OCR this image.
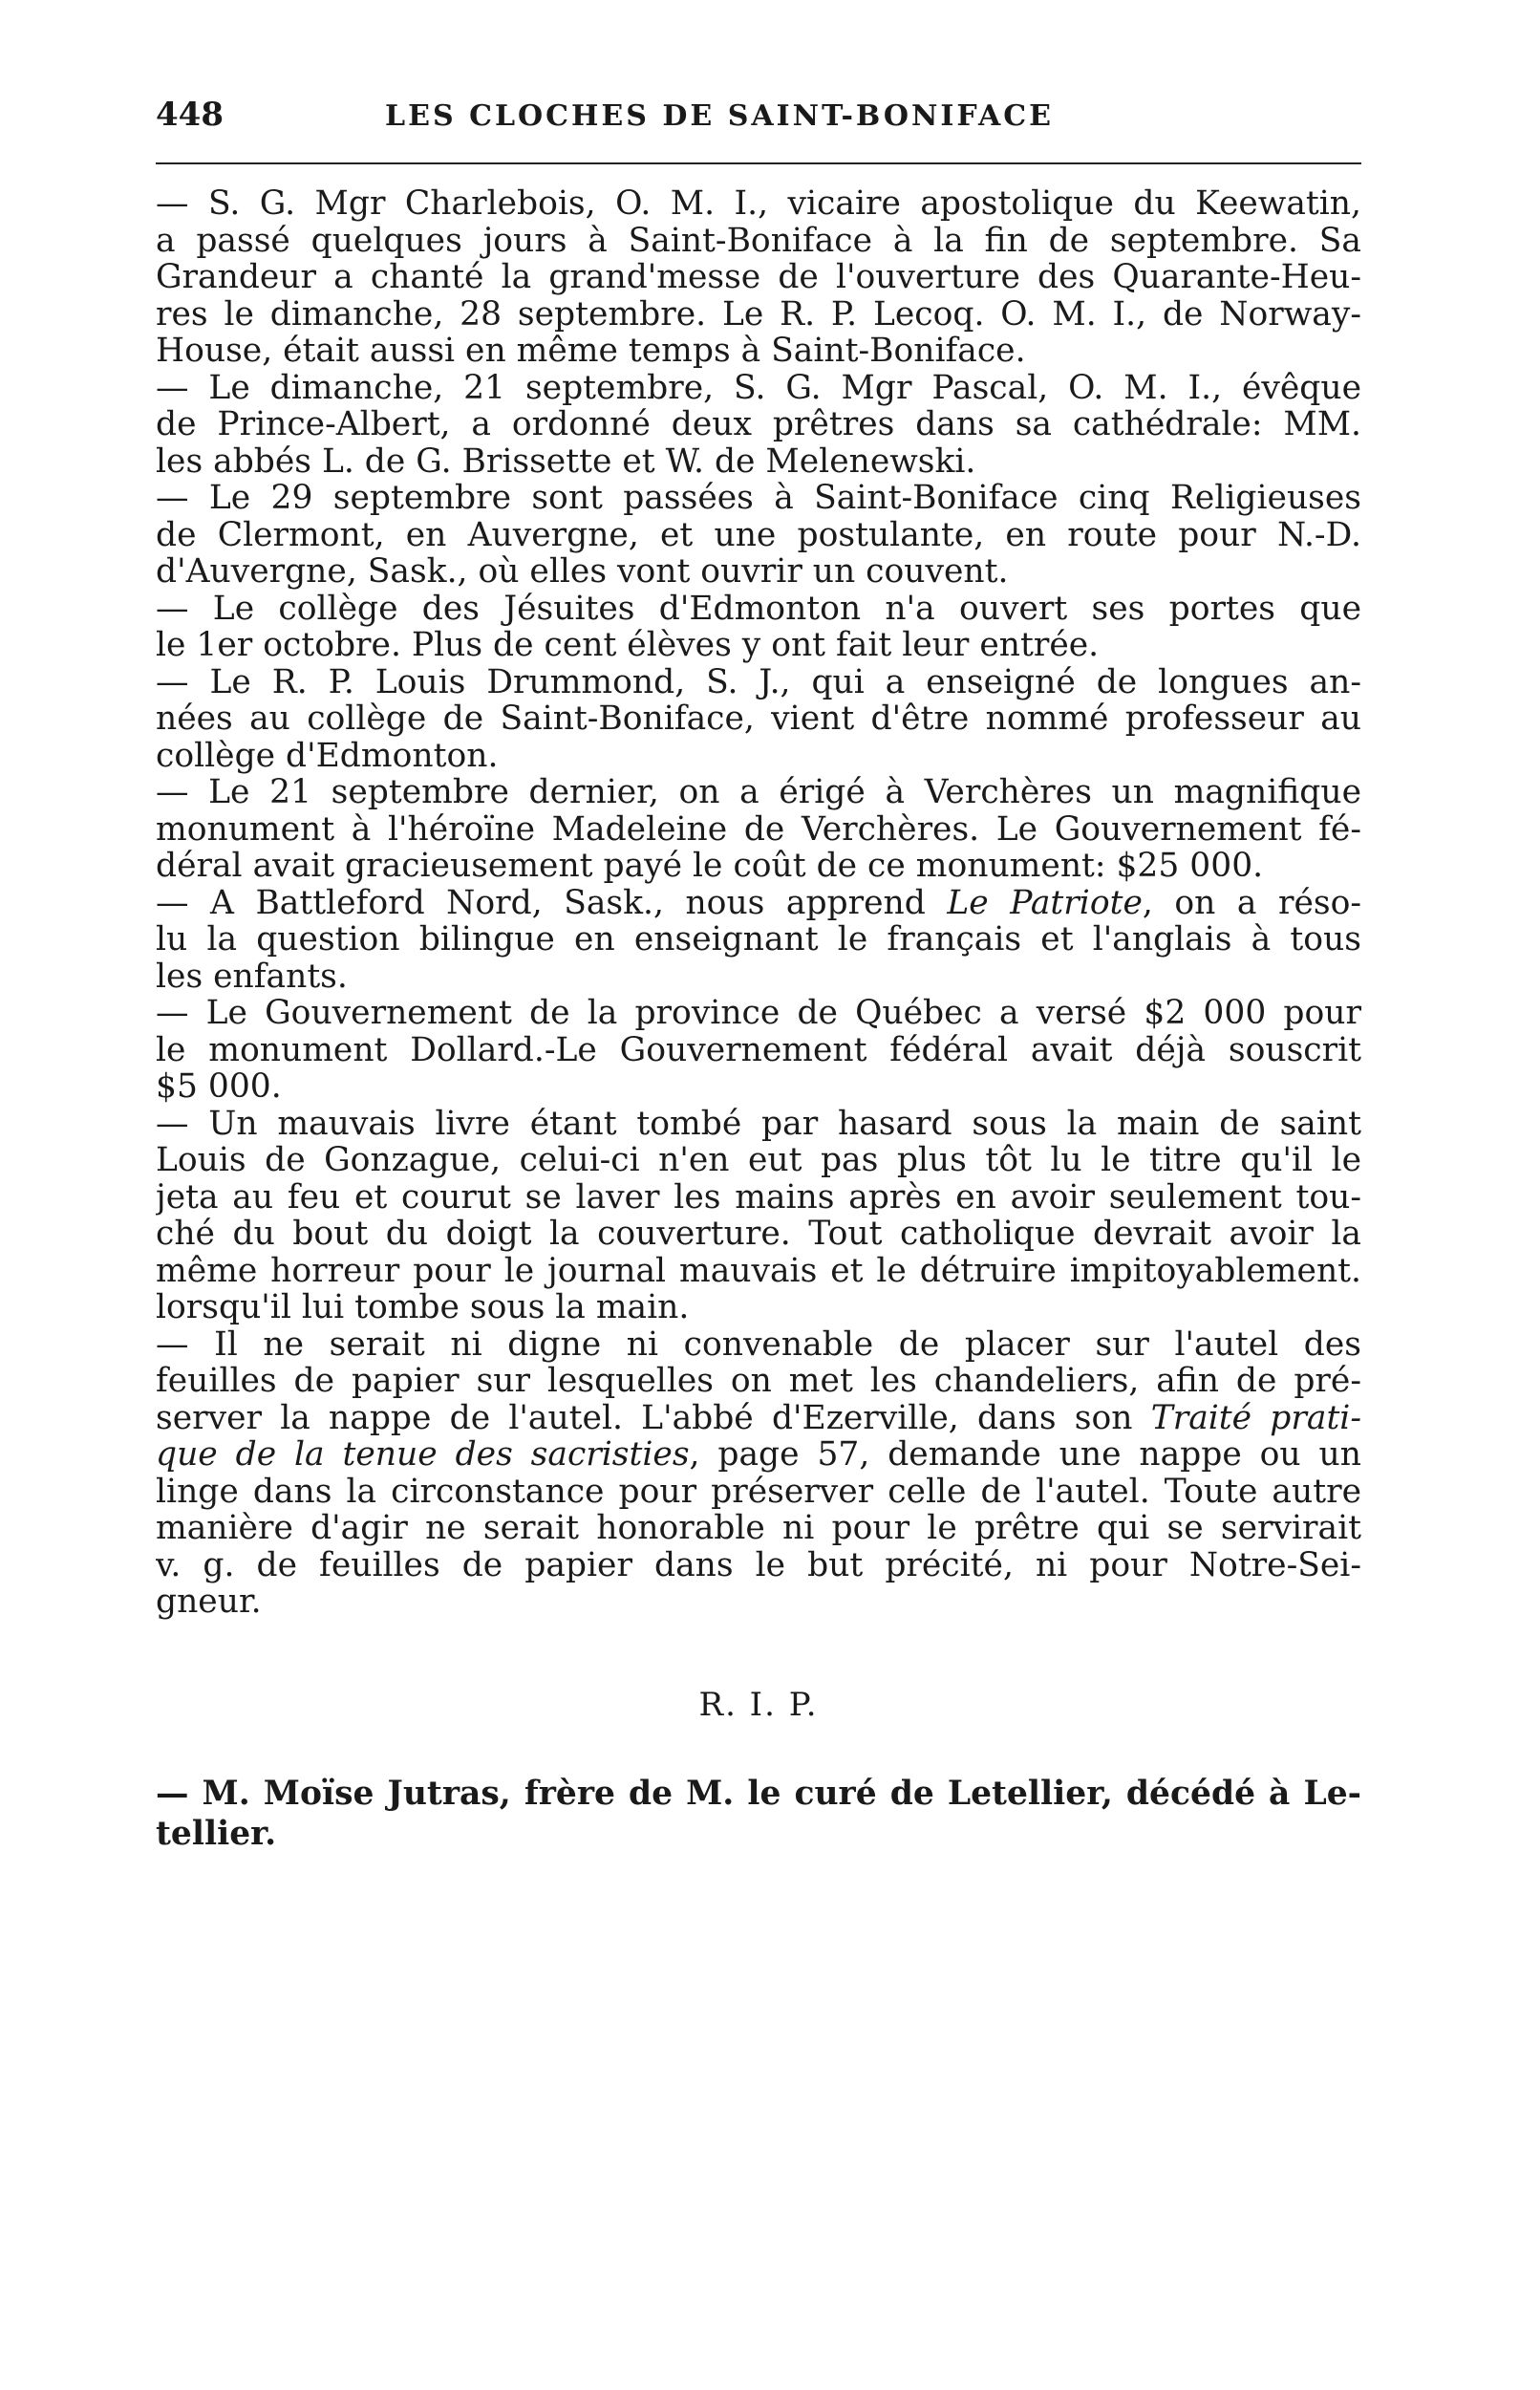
448	LES CLOCHES DE SAINT-BONIFACE

— S. G. Mgr Charlebois, O. M. I., vicaire apostolique du Keewatin,
a passé quelques jours à Saint-Boniface à la fin de septembre. Sa
Grandeur a chanté la grand'messe de l'ouverture des Quarante-Heu-
res le dimanche, 28 septembre. Le R. P. Lecoq. O. M. I., de Norway-
House, était aussi en même temps à Saint-Boniface.

— Le dimanche, 21 septembre, S. G. Mgr Pascal, O. M. I., évêque
de Prince-Albert, a ordonné deux prêtres dans sa cathédrale: MM.
les abbés L. de G. Brissette et W. de Melenewski.

— Le 29 septembre sont passées à Saint-Boniface cinq Religieuses
de Clermont, en Auvergne, et une postulante, en route pour N.-D.
d'Auvergne, Sask., où elles vont ouvrir un couvent.

— Le collège des Jésuites d'Edmonton n'a ouvert ses portes que
le 1er octobre. Plus de cent élèves y ont fait leur entrée.

— Le R. P. Louis Drummond, S. J., qui a enseigné de longues an-
nées au collège de Saint-Boniface, vient d'être nommé professeur au
collège d'Edmonton.

— Le 21 septembre dernier, on a érigé à Verchères un magnifique
monument à l'héroïne Madeleine de Verchères. Le Gouvernement fé-
déral avait gracieusement payé le coût de ce monument: $25 000.

— A Battleford Nord, Sask., nous apprend Le Patriote, on a réso-
lu la question bilingue en enseignant le français et l'anglais à tous
les enfants.

— Le Gouvernement de la province de Québec a versé $2 000 pour
le monument Dollard.-Le Gouvernement fédéral avait déjà souscrit
$5 000.

— Un mauvais livre étant tombé par hasard sous la main de saint
Louis de Gonzague, celui-ci n'en eut pas plus tôt lu le titre qu'il le
jeta au feu et courut se laver les mains après en avoir seulement tou-
ché du bout du doigt la couverture. Tout catholique devrait avoir la
même horreur pour le journal mauvais et le détruire impitoyablement.
lorsqu'il lui tombe sous la main.

— Il ne serait ni digne ni convenable de placer sur l'autel des
feuilles de papier sur lesquelles on met les chandeliers, afin de pré-
server la nappe de l'autel. L'abbé d'Ezerville, dans son Traité prati-
que de la tenue des sacristies, page 57, demande une nappe ou un
linge dans la circonstance pour préserver celle de l'autel. Toute autre
manière d'agir ne serait honorable ni pour le prêtre qui se servirait
v. g. de feuilles de papier dans le but précité, ni pour Notre-Sei-
gneur.

R. I. P.
— M. Moïse Jutras, frère de M. le curé de Letellier, décédé à Le-
tellier.
